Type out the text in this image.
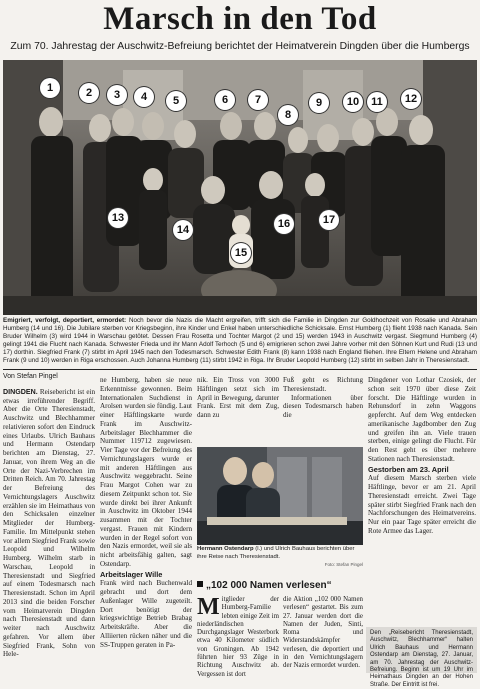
Marsch in den Tod
Zum 70. Jahrestag der Auschwitz-Befreiung berichtet der Heimatverein Dingden über die Humbergs
1	2	3	4	5	6	7
8
9	10	11	12
13
14
15
16	17
Emigriert, verfolgt, deportiert, ermordet: Noch bevor die Nazis die Macht ergreifen, trifft sich die Familie in Dingden zur Goldhochzeit von Rosalie und Abraham Humberg (14 und 16). Die Jubilare sterben vor Kriegsbeginn, ihre Kinder und Enkel haben unterschiedliche Schicksale. Ernst Humberg (1) flieht 1938 nach Kanada. Sein Bruder Wilhelm (3) wird 1944 in Warschau getötet. Dessen Frau Rosetta und Tochter Margot (2 und 15) werden 1943 in Auschwitz vergast. Siegmund Humberg (4) gelingt 1941 die Flucht nach Kanada. Schwester Frieda und ihr Mann Adolf Terhoch (5 und 6) emigrieren schon zwei Jahre vorher mit den Söhnen Kurt und Rudi (13 und 17) dorthin. Siegfried Frank (7) stirbt im April 1945 nach den Todesmarsch. Schwester Edith Frank (8) kann 1938 nach England fliehen. Ihre Eltern Helene und Abraham Frank (9 und 10) werden in Riga erschossen. Auch Johanna Humberg (11) stirbt 1942 in Riga. Ihr Bruder Leopold Humberg (12) stirbt im selben Jahr in Theresienstadt.
Von Stefan Pingel

DINGDEN. Reisebericht ist ein etwas irreführender Begriff. Aber die Orte Theresienstadt, Auschwitz und Blechhammer relativieren sofort den Eindruck eines Urlaubs. Ulrich Bauhaus und Hermann Ostendarp berichten am Dienstag, 27. Januar, von ihrem Weg an die Orte der Nazi-Verbrechen im Dritten Reich. Am 70. Jahrestag der Befreiung des Vernichtungslagers Auschwitz erzählen sie im Heimathaus von den Schicksalen einzelner Mitglieder der Humberg-Familie. Im Mittelpunkt stehen vor allem Siegfried Frank sowie Leopold und Wilhelm Humberg. Wilhelm starb in Warschau, Leopold in Theresienstadt und Siegfried auf einem Todesmarsch nach Theresienstadt. Schon im April 2013 sind die beiden Forscher vom Heimatverein Dingden nach Theresienstadt und dann weiter nach Auschwitz gefahren. Vor allem über Siegfried Frank, Sohn von Hele-

ne Humberg, haben sie neue Erkenntnisse gewonnen. Beim Internationalen Suchdienst in Arolsen wurden sie fündig. Laut einer Häftlingskarte wurde Frank im Auschwitz-Arbeitslager Blechhammer die Nummer 119712 zugewiesen. Vier Tage vor der Befreiung des Vernichtungslagers wurde er mit anderen Häftlingen aus Auschwitz weggebracht. Seine Frau Margot Cohen war zu diesem Zeitpunkt schon tot. Sie wurde direkt bei ihrer Ankunft in Auschwitz im Oktober 1944 zusammen mit der Tochter vergast. Frauen mit Kindern wurden in der Regel sofort von den Nazis ermordet, weil sie als nicht arbeitsfähig galten, sagt Ostendarp.

Arbeitslager Wille

Frank wird nach Buchenwald gebracht und dort dem Außenlager Wille zugeteilt. Dort benötigt der kriegswichtige Betrieb Brabag Arbeitskräfte. Aber die Alliierten rücken näher und die SS-Truppen geraten in Pa-

nik. Ein Tross von 3000 Häftlingen setzt sich im April in Bewegung, darunter Frank. Erst mit dem Zug, dann zu

Fuß geht es Richtung Theresienstadt.

Informationen über diesen Todesmarsch haben die

Hermann Ostendarp (l.) und Ulrich Bauhaus berichten über ihre Reise nach Theresienstadt.

Foto: Stefan Pingel
„102 000 Namen verlesen“

Mitglieder der Humberg-Familie lebten einige Zeit im niederländischen Durchgangslager Westerbork etwa 40 Kilometer südlich von Groningen. Ab 1942 führten hier 93 Züge in Richtung Auschwitz ab. Vergessen ist dort

die Aktion „102 000 Namen verlesen“ gestartet. Bis zum 27. Januar werden dort die Namen der Juden, Sinti, Roma und Widerstandskämpfer verlesen, die deportiert und in den Vernichtungslagern der Nazis ermordet wurden.

Dingdener von Lothar Czosiek, der schon seit 1970 über diese Zeit forscht. Die Häftlinge wurden in Rehunsdorf in zehn Waggons gepfercht. Auf dem Weg entdecken amerikanische Jagdbomber den Zug und greifen ihn an. Viele trauen sterben, einige gelingt die Flucht. Für den Rest geht es über mehrere Stationen nach Theresienstadt.

Gestorben am 23. April

Auf diesem Marsch sterben viele Häftlinge, bevor er am 21. April Theresienstadt erreicht. Zwei Tage später stirbt Siegfried Frank nach den Nachforschungen des Heimatvereins. Nur ein paar Tage später erreicht die Rote Armee das Lager.

Den „Reisebericht Theresienstadt, Auschwitz, Blechhammer“ halten Ulrich Bauhaus und Hermann Ostendarp am Dienstag, 27. Januar, am 70. Jahrestag der Auschwitz-Befreiung. Beginn ist um 19 Uhr im Heimathaus Dingden an der Hohen Straße. Der Eintritt ist frei.
